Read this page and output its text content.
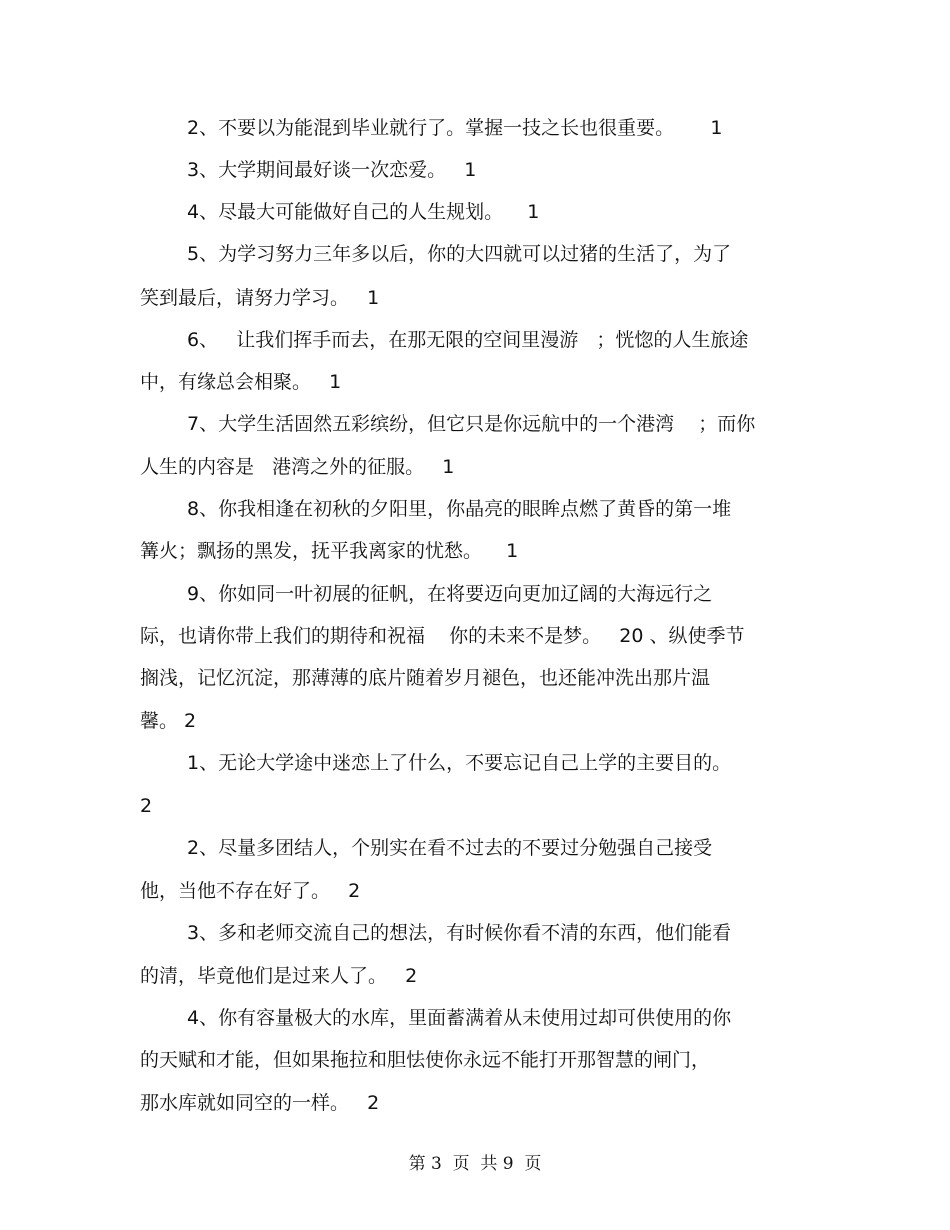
2、不要以为能混到毕业就行了。掌握一技之长也很重要。      1
3、大学期间最好谈一次恋爱。   1
4、尽最大可能做好自己的人生规划。    1
5、为学习努力三年多以后，你的大四就可以过猪的生活了，为了
笑到最后，请努力学习。   1
6、   让我们挥手而去，在那无限的空间里漫游   ；恍惚的人生旅途
中，有缘总会相聚。   1
7、大学生活固然五彩缤纷，但它只是你远航中的一个港湾    ；而你
人生的内容是   港湾之外的征服。   1
8、你我相逢在初秋的夕阳里，你晶亮的眼眸点燃了黄昏的第一堆
篝火；飘扬的黑发，抚平我离家的忧愁。    1
9、你如同一叶初展的征帆，在将要迈向更加辽阔的大海远行之
际，也请你带上我们的期待和祝福    你的未来不是梦。   20 、纵使季节
搁浅，记忆沉淀，那薄薄的底片随着岁月褪色，也还能冲洗出那片温
馨。 2
1、无论大学途中迷恋上了什么，不要忘记自己上学的主要目的。
2
2、尽量多团结人，个别实在看不过去的不要过分勉强自己接受
他，当他不存在好了。   2
3、多和老师交流自己的想法，有时候你看不清的东西，他们能看
的清，毕竟他们是过来人了。   2
4、你有容量极大的水库，里面蓄满着从未使用过却可供使用的你
的天赋和才能，但如果拖拉和胆怯使你永远不能打开那智慧的闸门，
那水库就如同空的一样。   2
第 3  页  共 9  页
